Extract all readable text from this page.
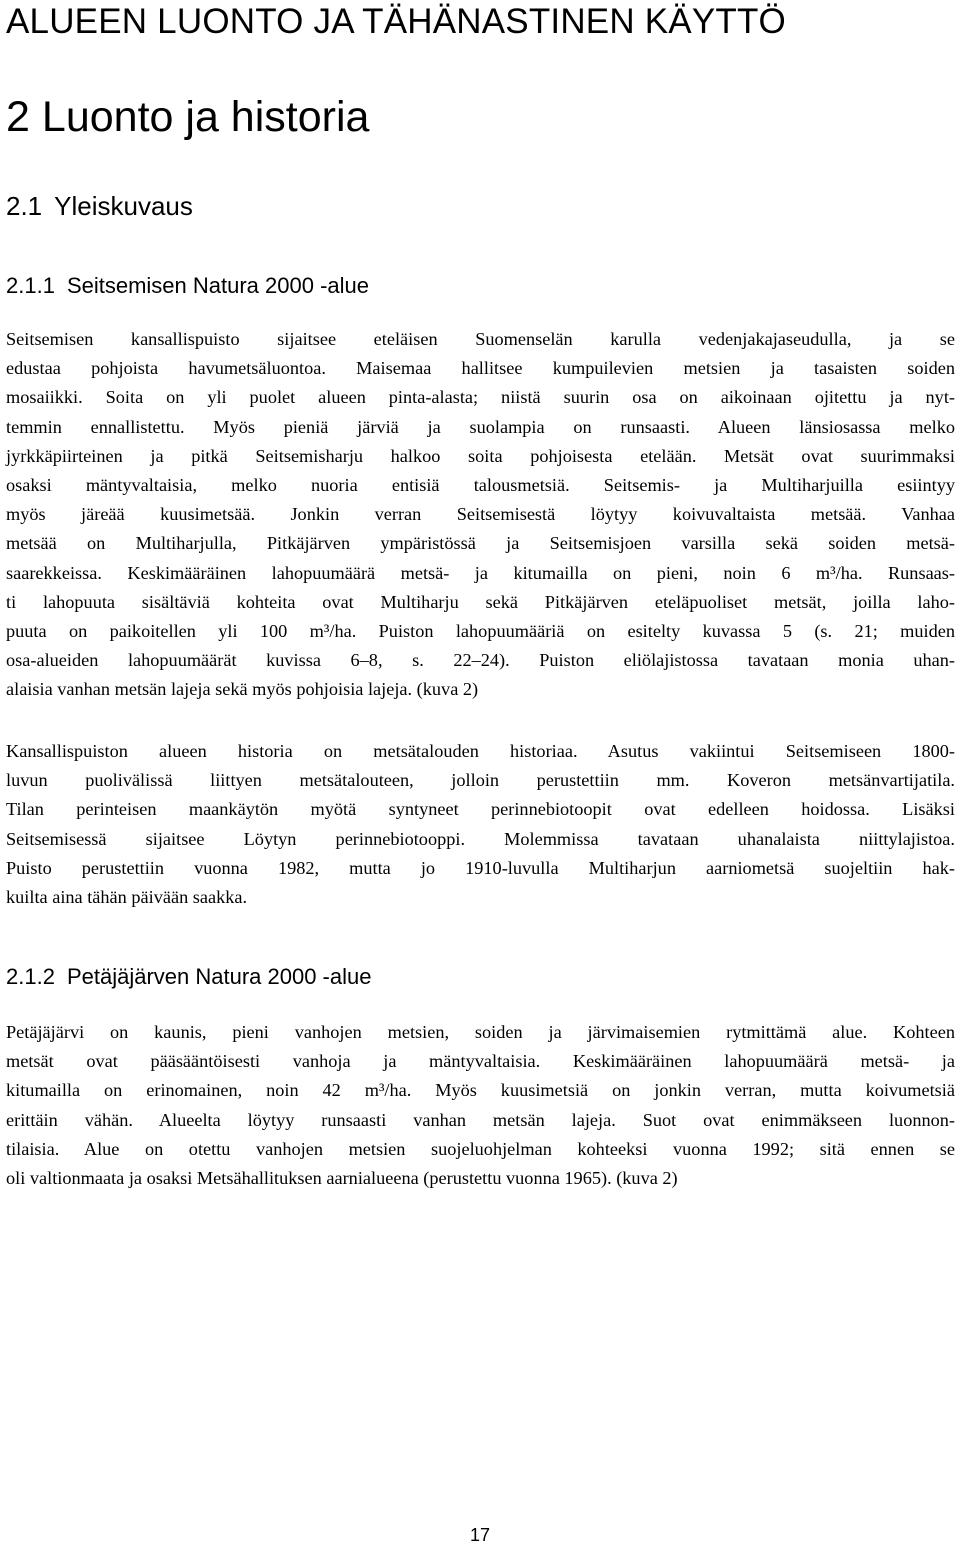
ALUEEN LUONTO JA TÄHÄNASTINEN KÄYTTÖ
2 Luonto ja historia
2.1 Yleiskuvaus
2.1.1 Seitsemisen Natura 2000 -alue
Seitsemisen kansallispuisto sijaitsee eteläisen Suomenselän karulla vedenjakajaseudulla, ja se
edustaa pohjoista havumetsäluontoa. Maisemaa hallitsee kumpuilevien metsien ja tasaisten soiden
mosaiikki. Soita on yli puolet alueen pinta-alasta; niistä suurin osa on aikoinaan ojitettu ja nyt-
temmin ennallistettu. Myös pieniä järviä ja suolampia on runsaasti. Alueen länsiosassa melko
jyrkkäpiirteinen ja pitkä Seitsemisharju halkoo soita pohjoisesta etelään. Metsät ovat suurimmaksi
osaksi mäntyvaltaisia, melko nuoria entisiä talousmetsiä. Seitsemis- ja Multiharjuilla esiintyy
myös järeää kuusimetsää. Jonkin verran Seitsemisestä löytyy koivuvaltaista metsää. Vanhaa
metsää on Multiharjulla, Pitkäjärven ympäristössä ja Seitsemisjoen varsilla sekä soiden metsä-
saarekkeissa. Keskimääräinen lahopuumäärä metsä- ja kitumailla on pieni, noin 6 m³/ha. Runsaas-
ti lahopuuta sisältäviä kohteita ovat Multiharju sekä Pitkäjärven eteläpuoliset metsät, joilla laho-
puuta on paikoitellen yli 100 m³/ha. Puiston lahopuumääriä on esitelty kuvassa 5 (s. 21; muiden
osa-alueiden lahopuumäärät kuvissa 6–8, s. 22–24). Puiston eliölajistossa tavataan monia uhan-
alaisia vanhan metsän lajeja sekä myös pohjoisia lajeja. (kuva 2)
Kansallispuiston alueen historia on metsätalouden historiaa. Asutus vakiintui Seitsemiseen 1800-
luvun puolivälissä liittyen metsätalouteen, jolloin perustettiin mm. Koveron metsänvartijatila.
Tilan perinteisen maankäytön myötä syntyneet perinnebiotoopit ovat edelleen hoidossa. Lisäksi
Seitsemisessä sijaitsee Löytyn perinnebiotooppi. Molemmissa tavataan uhanalaista niittylajistoa.
Puisto perustettiin vuonna 1982, mutta jo 1910-luvulla Multiharjun aarniometsä suojeltiin hak-
kuilta aina tähän päivään saakka.
2.1.2 Petäjäjärven Natura 2000 -alue
Petäjäjärvi on kaunis, pieni vanhojen metsien, soiden ja järvimaisemien rytmittämä alue. Kohteen
metsät ovat pääsääntöisesti vanhoja ja mäntyvaltaisia. Keskimääräinen lahopuumäärä metsä- ja
kitumailla on erinomainen, noin 42 m³/ha. Myös kuusimetsiä on jonkin verran, mutta koivumetsiä
erittäin vähän. Alueelta löytyy runsaasti vanhan metsän lajeja. Suot ovat enimmäkseen luonnon-
tilaisia. Alue on otettu vanhojen metsien suojeluohjelman kohteeksi vuonna 1992; sitä ennen se
oli valtionmaata ja osaksi Metsähallituksen aarnialueena (perustettu vuonna 1965). (kuva 2)
17
